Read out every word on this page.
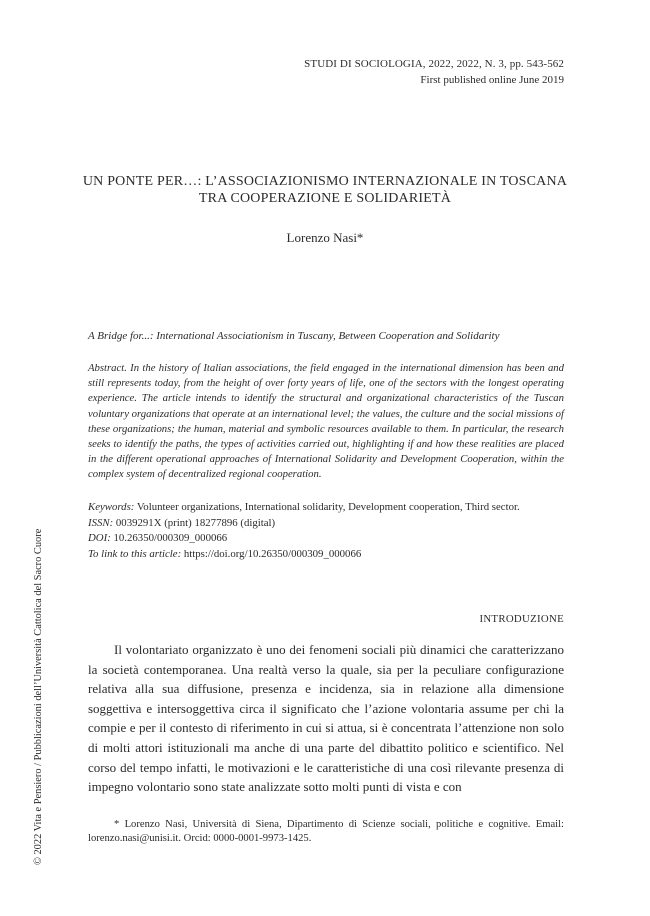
STUDI DI SOCIOLOGIA, 2022, 2022, N. 3, pp. 543-562
First published online June 2019
UN PONTE PER…: L’ASSOCIAZIONISMO INTERNAZIONALE IN TOSCANA
TRA COOPERAZIONE E SOLIDARIETÀ
Lorenzo Nasi*
A Bridge for...: International Associationism in Tuscany, Between Cooperation and Solidarity

Abstract. In the history of Italian associations, the field engaged in the international dimension has been and still represents today, from the height of over forty years of life, one of the sectors with the longest operating experience. The article intends to identify the structural and organizational characteristics of the Tuscan voluntary organizations that operate at an international level; the values, the culture and the social missions of these organizations; the human, material and symbolic resources available to them. In particular, the research seeks to identify the paths, the types of activities carried out, highlighting if and how these realities are placed in the different operational approaches of International Solidarity and Development Cooperation, within the complex system of decentralized regional cooperation.

Keywords: Volunteer organizations, International solidarity, Development cooperation, Third sector.
ISSN: 0039291X (print) 18277896 (digital)
DOI: 10.26350/000309_000066
To link to this article: https://doi.org/10.26350/000309_000066
INTRODUZIONE

Il volontariato organizzato è uno dei fenomeni sociali più dinamici che caratterizzano la società contemporanea. Una realtà verso la quale, sia per la peculiare configurazione relativa alla sua diffusione, presenza e incidenza, sia in relazione alla dimensione soggettiva e intersoggettiva circa il significato che l’azione volontaria assume per chi la compie e per il contesto di riferimento in cui si attua, si è concentrata l’attenzione non solo di molti attori istituzionali ma anche di una parte del dibattito politico e scientifico. Nel corso del tempo infatti, le motivazioni e le caratteristiche di una così rilevante presenza di impegno volontario sono state analizzate sotto molti punti di vista e con

* Lorenzo Nasi, Università di Siena, Dipartimento di Scienze sociali, politiche e cognitive. Email: lorenzo.nasi@unisi.it. Orcid: 0000-0001-9973-1425.

© 2022 Vita e Pensiero / Pubblicazioni dell’Università Cattolica del Sacro Cuore
